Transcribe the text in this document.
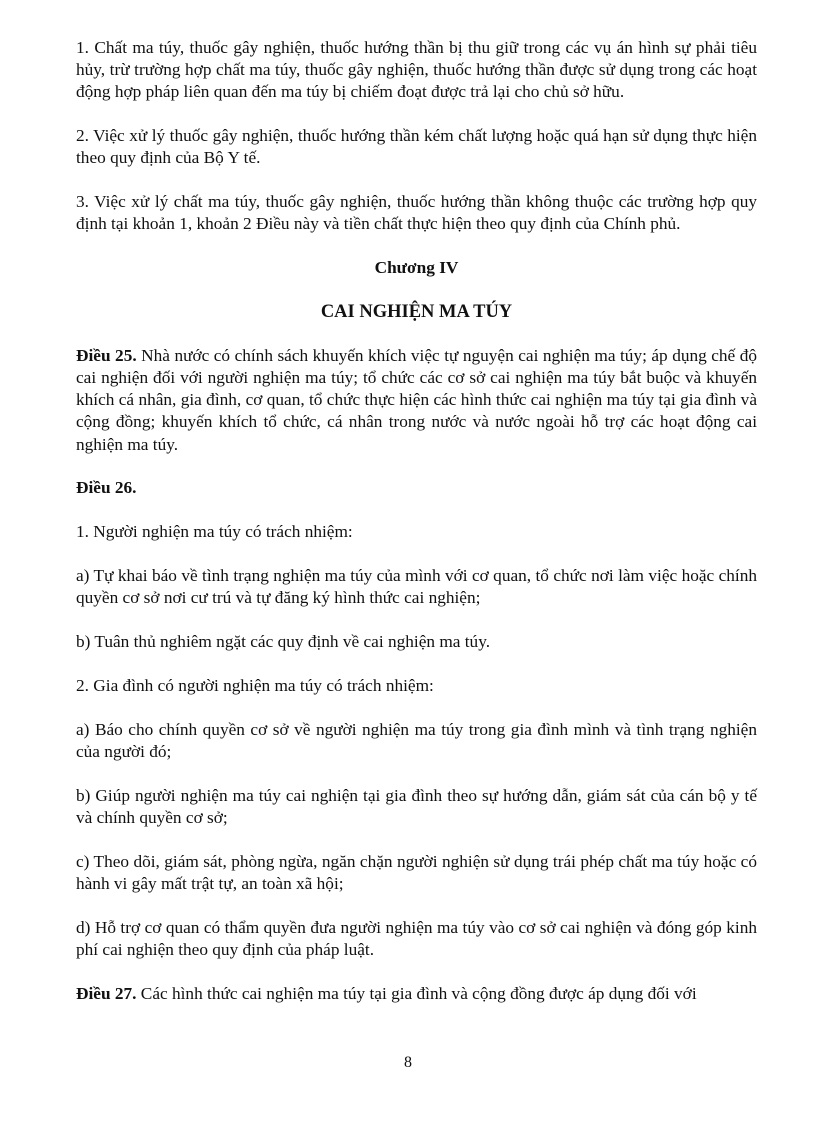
1. Chất ma túy, thuốc gây nghiện, thuốc hướng thần bị thu giữ trong các vụ án hình sự phải tiêu hủy, trừ trường hợp chất ma túy, thuốc gây nghiện, thuốc hướng thần được sử dụng trong các hoạt động hợp pháp liên quan đến ma túy bị chiếm đoạt được trả lại cho chủ sở hữu.

2. Việc xử lý thuốc gây nghiện, thuốc hướng thần kém chất lượng hoặc quá hạn sử dụng thực hiện theo quy định của Bộ Y tế.

3. Việc xử lý chất ma túy, thuốc gây nghiện, thuốc hướng thần không thuộc các trường hợp quy định tại khoản 1, khoản 2 Điều này và tiền chất thực hiện theo quy định của Chính phủ.

Chương IV
CAI NGHIỆN MA TÚY

Điều 25. Nhà nước có chính sách khuyến khích việc tự nguyện cai nghiện ma túy; áp dụng chế độ cai nghiện đối với người nghiện ma túy; tổ chức các cơ sở cai nghiện ma túy bắt buộc và khuyến khích cá nhân, gia đình, cơ quan, tổ chức thực hiện các hình thức cai nghiện ma túy tại gia đình và cộng đồng; khuyến khích tổ chức, cá nhân trong nước và nước ngoài hỗ trợ các hoạt động cai nghiện ma túy.

Điều 26.

1. Người nghiện ma túy có trách nhiệm:

a) Tự khai báo về tình trạng nghiện ma túy của mình với cơ quan, tổ chức nơi làm việc hoặc chính quyền cơ sở nơi cư trú và tự đăng ký hình thức cai nghiện;

b) Tuân thủ nghiêm ngặt các quy định về cai nghiện ma túy.

2. Gia đình có người nghiện ma túy có trách nhiệm:

a) Báo cho chính quyền cơ sở về người nghiện ma túy trong gia đình mình và tình trạng nghiện của người đó;

b) Giúp người nghiện ma túy cai nghiện tại gia đình theo sự hướng dẫn, giám sát của cán bộ y tế và chính quyền cơ sở;

c) Theo dõi, giám sát, phòng ngừa, ngăn chặn người nghiện sử dụng trái phép chất ma túy hoặc có hành vi gây mất trật tự, an toàn xã hội;

d) Hỗ trợ cơ quan có thẩm quyền đưa người nghiện ma túy vào cơ sở cai nghiện và đóng góp kinh phí cai nghiện theo quy định của pháp luật.

Điều 27. Các hình thức cai nghiện ma túy tại gia đình và cộng đồng được áp dụng đối với

8
